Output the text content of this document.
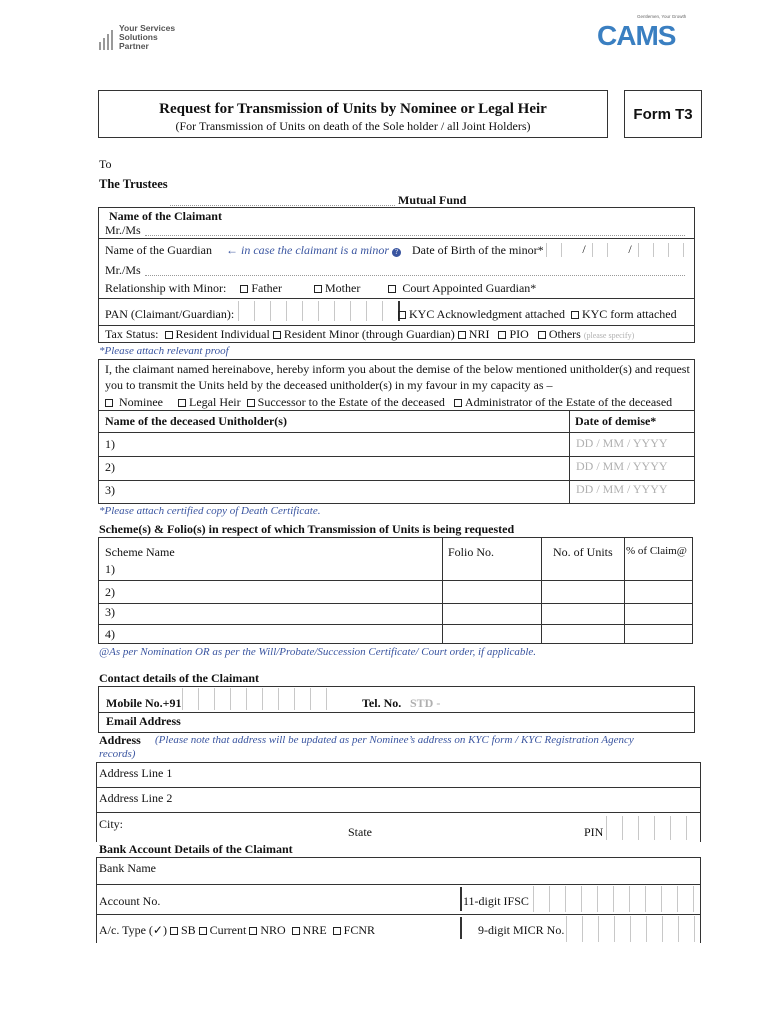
Your Services
Solutions
Partner
Gentlemen, Your Growth
CAMS
Request for Transmission of Units by Nominee or Legal Heir
(For Transmission of Units on death of the Sole holder / all Joint Holders)
Form T3
To
The Trustees
Mutual Fund
Name of the Claimant
Mr./Ms
Name of the Guardian ← in case the claimant is a minor ? Date of Birth of the minor*	/	/
Mr./Ms
Relationship with Minor: Father	Mother	Court Appointed Guardian*
PAN (Claimant/Guardian):	KYC Acknowledgment attached KYC form attached
Tax Status: Resident Individual Resident Minor (through Guardian) NRI PIO Others (please specify)
*Please attach relevant proof
I, the claimant named hereinabove, hereby inform you about the demise of the below mentioned unitholder(s) and request
you to transmit the Units held by the deceased unitholder(s) in my favour in my capacity as –
Nominee Legal Heir Successor to the Estate of the deceased Administrator of the Estate of the deceased
Name of the deceased Unitholder(s)	Date of demise*
1)	DD / MM / YYYY
2)	DD / MM / YYYY
3)	DD / MM / YYYY
*Please attach certified copy of Death Certificate.
Scheme(s) & Folio(s) in respect of which Transmission of Units is being requested
Scheme Name	Folio No.	No. of Units % of Claim@
1)
2)
3)
4)
@As per Nomination OR as per the Will/Probate/Succession Certificate/ Court order, if applicable.
Contact details of the Claimant
Mobile No.+91	Tel. No. STD -
Email Address
Address (Please note that address will be updated as per Nominee’s address on KYC form / KYC Registration Agency
records)
Address Line 1
Address Line 2
City:
State	PIN
Bank Account Details of the Claimant
Bank Name
Account No.	11-digit IFSC
A/c. Type (✓) SB Current NRO NRE FCNR	9-digit MICR No.
